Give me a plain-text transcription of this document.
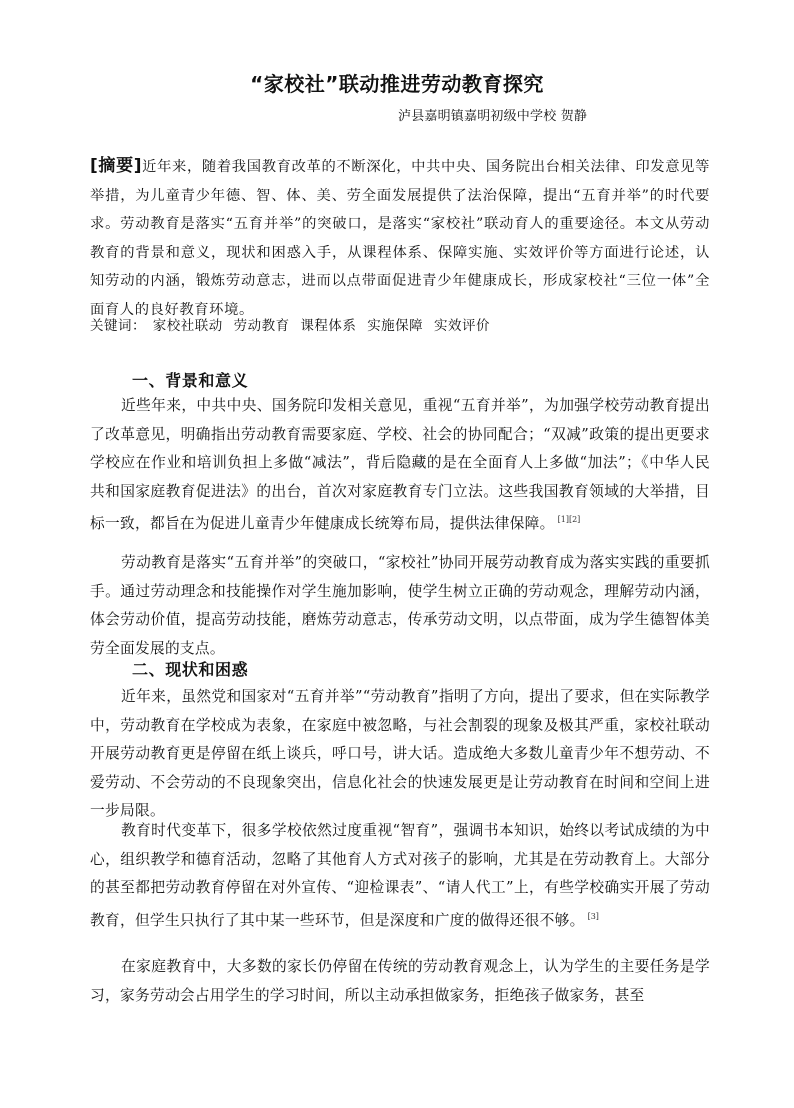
“家校社”联动推进劳动教育探究
泸县嘉明镇嘉明初级中学校 贺静
[摘要]近年来，随着我国教育改革的不断深化，中共中央、国务院出台相关法律、印发意见等举措，为儿童青少年德、智、体、美、劳全面发展提供了法治保障，提出“五育并举”的时代要求。劳动教育是落实“五育并举”的突破口，是落实“家校社”联动育人的重要途径。本文从劳动教育的背景和意义，现状和困惑入手，从课程体系、保障实施、实效评价等方面进行论述，认知劳动的内涵，锻炼劳动意志，进而以点带面促进青少年健康成长，形成家校社“三位一体”全面育人的良好教育环境。
关键词： 家校社联动 劳动教育 课程体系 实施保障 实效评价
一、背景和意义
近些年来，中共中央、国务院印发相关意见，重视“五育并举”，为加强学校劳动教育提出了改革意见，明确指出劳动教育需要家庭、学校、社会的协同配合；“双减”政策的提出更要求学校应在作业和培训负担上多做“减法”，背后隐藏的是在全面育人上多做“加法”；《中华人民共和国家庭教育促进法》的出台，首次对家庭教育专门立法。这些我国教育领域的大举措，目标一致，都旨在为促进儿童青少年健康成长统筹布局，提供法律保障。 [1][2]
劳动教育是落实“五育并举”的突破口，“家校社”协同开展劳动教育成为落实实践的重要抓手。通过劳动理念和技能操作对学生施加影响，使学生树立正确的劳动观念，理解劳动内涵，体会劳动价值，提高劳动技能，磨炼劳动意志，传承劳动文明，以点带面，成为学生德智体美劳全面发展的支点。
二、现状和困惑
近年来，虽然党和国家对“五育并举”“劳动教育”指明了方向，提出了要求，但在实际教学中，劳动教育在学校成为表象，在家庭中被忽略，与社会割裂的现象及极其严重，家校社联动开展劳动教育更是停留在纸上谈兵，呼口号，讲大话。造成绝大多数儿童青少年不想劳动、不爱劳动、不会劳动的不良现象突出，信息化社会的快速发展更是让劳动教育在时间和空间上进一步局限。
教育时代变革下，很多学校依然过度重视“智育”，强调书本知识，始终以考试成绩的为中心，组织教学和德育活动，忽略了其他育人方式对孩子的影响，尤其是在劳动教育上。大部分的甚至都把劳动教育停留在对外宣传、“迎检课表”、“请人代工”上，有些学校确实开展了劳动教育，但学生只执行了其中某一些环节，但是深度和广度的做得还很不够。 [3]
在家庭教育中，大多数的家长仍停留在传统的劳动教育观念上，认为学生的主要任务是学习，家务劳动会占用学生的学习时间，所以主动承担做家务，拒绝孩子做家务，甚至
